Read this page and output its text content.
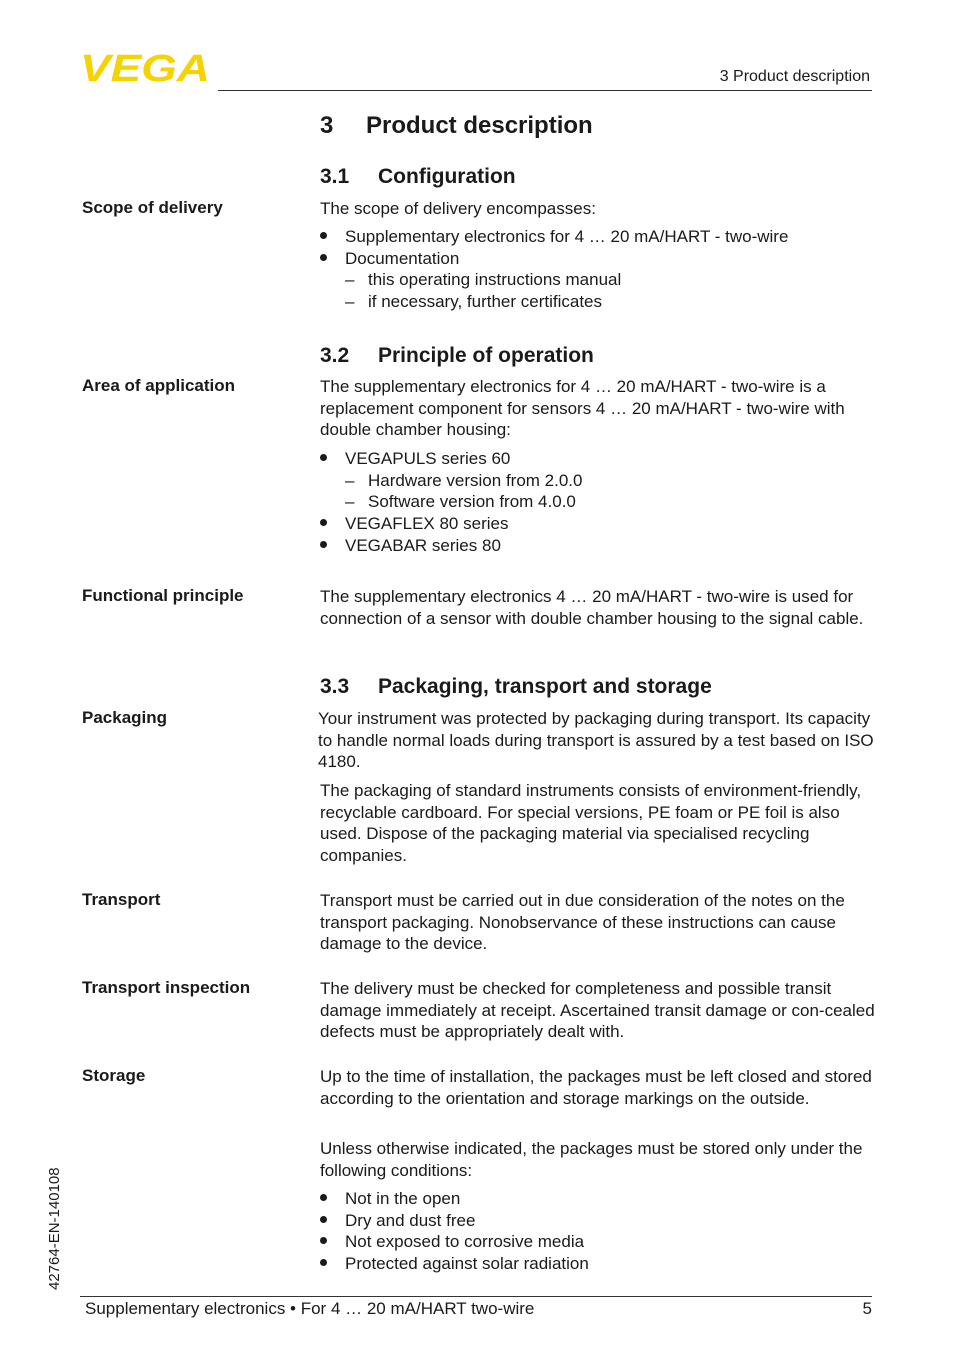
VEGA	3 Product description
3 Product description
3.1 Configuration
Scope of delivery	The scope of delivery encompasses:
Supplementary electronics for 4 … 20 mA/HART - two-wire
Documentation
– this operating instructions manual
– if necessary, further certificates
3.2 Principle of operation
Area of application	The supplementary electronics for 4 … 20 mA/HART - two-wire is a replacement component for sensors 4 … 20 mA/HART - two-wire with double chamber housing:
VEGAPULS series 60
– Hardware version from 2.0.0
– Software version from 4.0.0
VEGAFLEX 80 series
VEGABAR series 80
Functional principle	The supplementary electronics 4 … 20 mA/HART - two-wire is used for connection of a sensor with double chamber housing to the signal cable.
3.3 Packaging, transport and storage
Packaging	Your instrument was protected by packaging during transport. Its capacity to handle normal loads during transport is assured by a test based on ISO 4180.
The packaging of standard instruments consists of environment-friendly, recyclable cardboard. For special versions, PE foam or PE foil is also used. Dispose of the packaging material via specialised recycling companies.
Transport	Transport must be carried out in due consideration of the notes on the transport packaging. Nonobservance of these instructions can cause damage to the device.
Transport inspection	The delivery must be checked for completeness and possible transit damage immediately at receipt. Ascertained transit damage or con-cealed defects must be appropriately dealt with.
Storage	Up to the time of installation, the packages must be left closed and stored according to the orientation and storage markings on the outside.
Unless otherwise indicated, the packages must be stored only under the following conditions:
Not in the open
Dry and dust free
Not exposed to corrosive media
Protected against solar radiation
42764-EN-140108
Supplementary electronics • For 4 … 20 mA/HART two-wire	5
